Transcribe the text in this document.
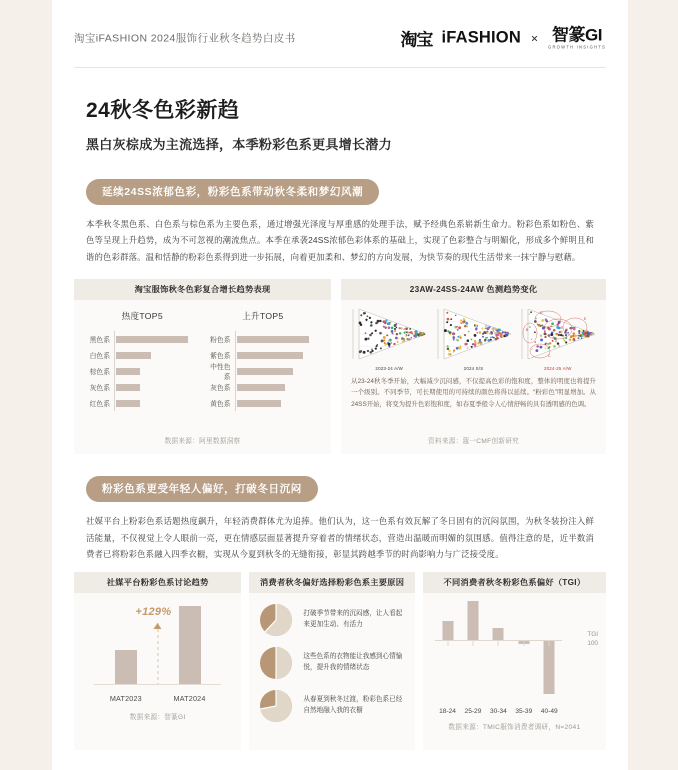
淘宝iFASHION 2024服饰行业秋冬趋势白皮书	淘宝 iFASHION × 智篆GI
GROWTH INSIGHTS
24秋冬色彩新趋
黑白灰棕成为主流选择，本季粉彩色系更具增长潜力
延续24SS浓郁色彩，粉彩色系带动秋冬柔和梦幻风潮
本季秋冬黑色系、白色系与棕色系为主要色系，通过增强光泽度与厚重感的处理手法，赋予经典色系崭新生命力。粉彩色系如粉色、紫色等呈现上升趋势，成为不可忽视的潮流焦点。本季在承袭24SS浓郁色彩体系的基础上，实现了色彩整合与明媚化，形成多个鲜明且和谐的色彩群落。温和恬静的粉彩色系得到进一步拓展，向着更加柔和、梦幻的方向发展，为快节奏的现代生活带来一抹宁静与慰藉。
淘宝服饰秋冬色彩复合增长趋势表现
热度TOP5
黑色系
白色系
棕色系
灰色系
红色系
上升TOP5
粉色系
紫色系
中性色系
灰色系
黄色系
数据来源：阿里数据洞察
23AW-24SS-24AW 色测趋势变化
2023-24 A/W	2024 S/S
D
E
C
A
B
2024-25 A/W
从23-24秋冬季开始，大幅减少沉闷感，不仅提高色彩的饱和度，整体的明度也将提升一个级别。不同季节，可长期使用的可持续的颜色将得以延续。“粉彩色”明显增加。从24SS开始，将变为提升色彩饱和度，如春夏季般令人心情舒畅的具有透明感的色调。
资料来源：蔻一CMF创新研究
粉彩色系更受年轻人偏好，打破冬日沉闷
社媒平台上粉彩色系话题热度飙升，年轻消费群体尤为追捧。他们认为，这一色系有效瓦解了冬日固有的沉闷氛围，为秋冬装扮注入鲜活能量，不仅视觉上令人眼前一亮，更在情感层面显著提升穿着者的情绪状态，营造出温暖而明媚的氛围感。值得注意的是，近半数消费者已将粉彩色系融入四季衣橱，实现从今夏到秋冬的无缝衔接，彰显其跨越季节的时尚影响力与广泛接受度。
社媒平台粉彩色系讨论趋势
+129%
MAT2023	MAT2024
数据来源：智篆GI
消费者秋冬偏好选择粉彩色系主要原因
打破季节带来的沉闷感，让人看起来更加生动、有活力
这些色系的衣物能让我感到心情愉悦，提升我的情绪状态
从春夏到秋冬过渡，粉彩色系已经自然地融入我的衣橱
不同消费者秋冬粉彩色系偏好（TGI）
TGI
100
18-24	25-29	30-34	35-39	40-49
数据来源：TMIC服饰消费者调研，N=2041
